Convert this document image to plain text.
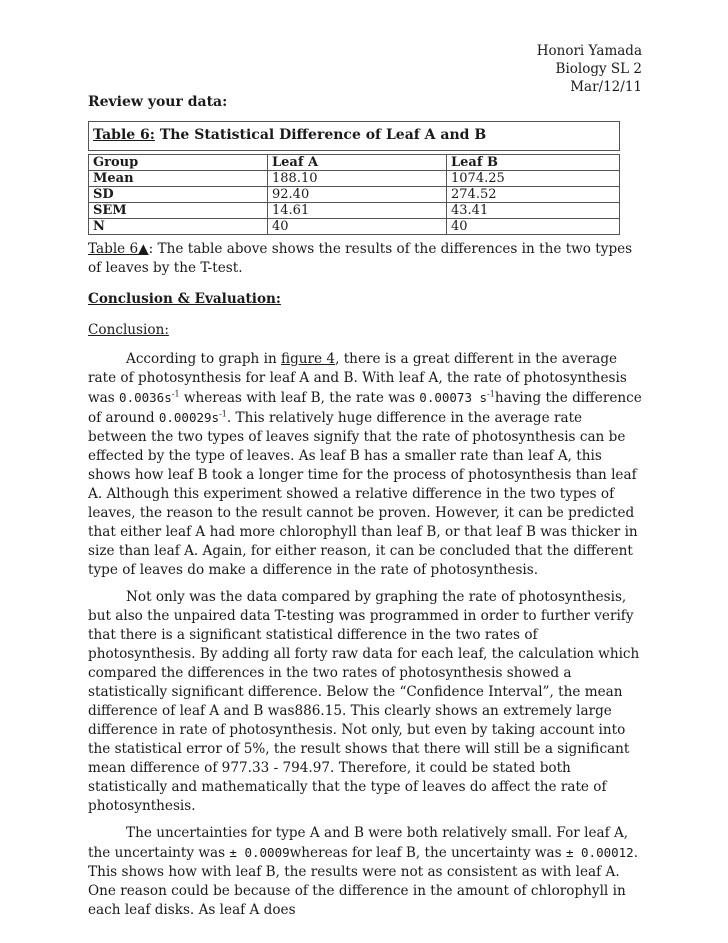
Honori Yamada
Biology SL 2
Mar/12/11
Review your data:
Table 6: The Statistical Difference of Leaf A and B
Group	Leaf A	Leaf B
Mean	188.10	1074.25
SD	92.40	274.52
SEM	14.61	43.41
N	40	40

Table 6▲: The table above shows the results of the differences in the two types of leaves by the T-test.

Conclusion & Evaluation:

Conclusion:

According to graph in figure 4, there is a great different in the average rate of photosynthesis for leaf A and B. With leaf A, the rate of photosynthesis was $0.0036s^{-1}$ whereas with leaf B, the rate was 0.00073 $s^{-1}having$ the difference of around $0.00029s^{-1}$. This relatively huge difference in the average rate between the two types of leaves signify that the rate of photosynthesis can be effected by the type of leaves. As leaf B has a smaller rate than leaf A, this shows how leaf B took a longer time for the process of photosynthesis than leaf A. Although this experiment showed a relative difference in the two types of leaves, the reason to the result cannot be proven. However, it can be predicted that either leaf A had more chlorophyll than leaf B, or that leaf B was thicker in size than leaf A. Again, for either reason, it can be concluded that the different type of leaves do make a difference in the rate of photosynthesis.

Not only was the data compared by graphing the rate of photosynthesis, but also the unpaired data T-testing was programmed in order to further verify that there is a significant statistical difference in the two rates of photosynthesis. By adding all forty raw data for each leaf, the calculation which compared the differences in the two rates of photosynthesis showed a statistically significant difference. Below the “Confidence Interval”, the mean difference of leaf A and B was886.15. This clearly shows an extremely large difference in rate of photosynthesis. Not only, but even by taking account into the statistical error of 5%, the result shows that there will still be a significant mean difference of 977.33 - 794.97. Therefore, it could be stated both statistically and mathematically that the type of leaves do affect the rate of photosynthesis.

The uncertainties for type A and B were both relatively small. For leaf A, the uncertainty was ± 0.0009whereas for leaf B, the uncertainty was ± 0.00012. This shows how with leaf B, the results were not as consistent as with leaf A. One reason could be because of the difference in the amount of chlorophyll in each leaf disks. As leaf A does
